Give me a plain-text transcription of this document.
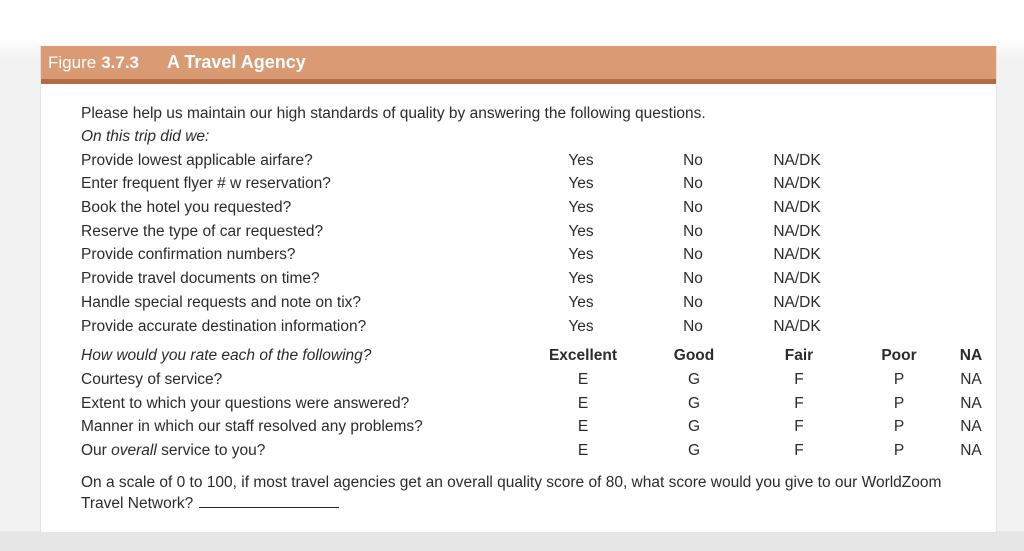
Figure 3.7.3 A Travel Agency
Please help us maintain our high standards of quality by answering the following questions.
On this trip did we:
Provide lowest applicable airfare?	Yes	No	NA/DK
Enter frequent flyer # w reservation?	Yes	No	NA/DK
Book the hotel you requested?	Yes	No	NA/DK
Reserve the type of car requested?	Yes	No	NA/DK
Provide confirmation numbers?	Yes	No	NA/DK
Provide travel documents on time?	Yes	No	NA/DK
Handle special requests and note on tix?	Yes	No	NA/DK
Provide accurate destination information?	Yes	No	NA/DK
How would you rate each of the following?	Excellent	Good	Fair	Poor	NA
Courtesy of service?	E	G	F	P	NA
Extent to which your questions were answered?	E	G	F	P	NA
Manner in which our staff resolved any problems?	E	G	F	P	NA
Our overall service to you?	E	G	F	P	NA
On a scale of 0 to 100, if most travel agencies get an overall quality score of 80, what score would you give to our WorldZoom Travel Network?
